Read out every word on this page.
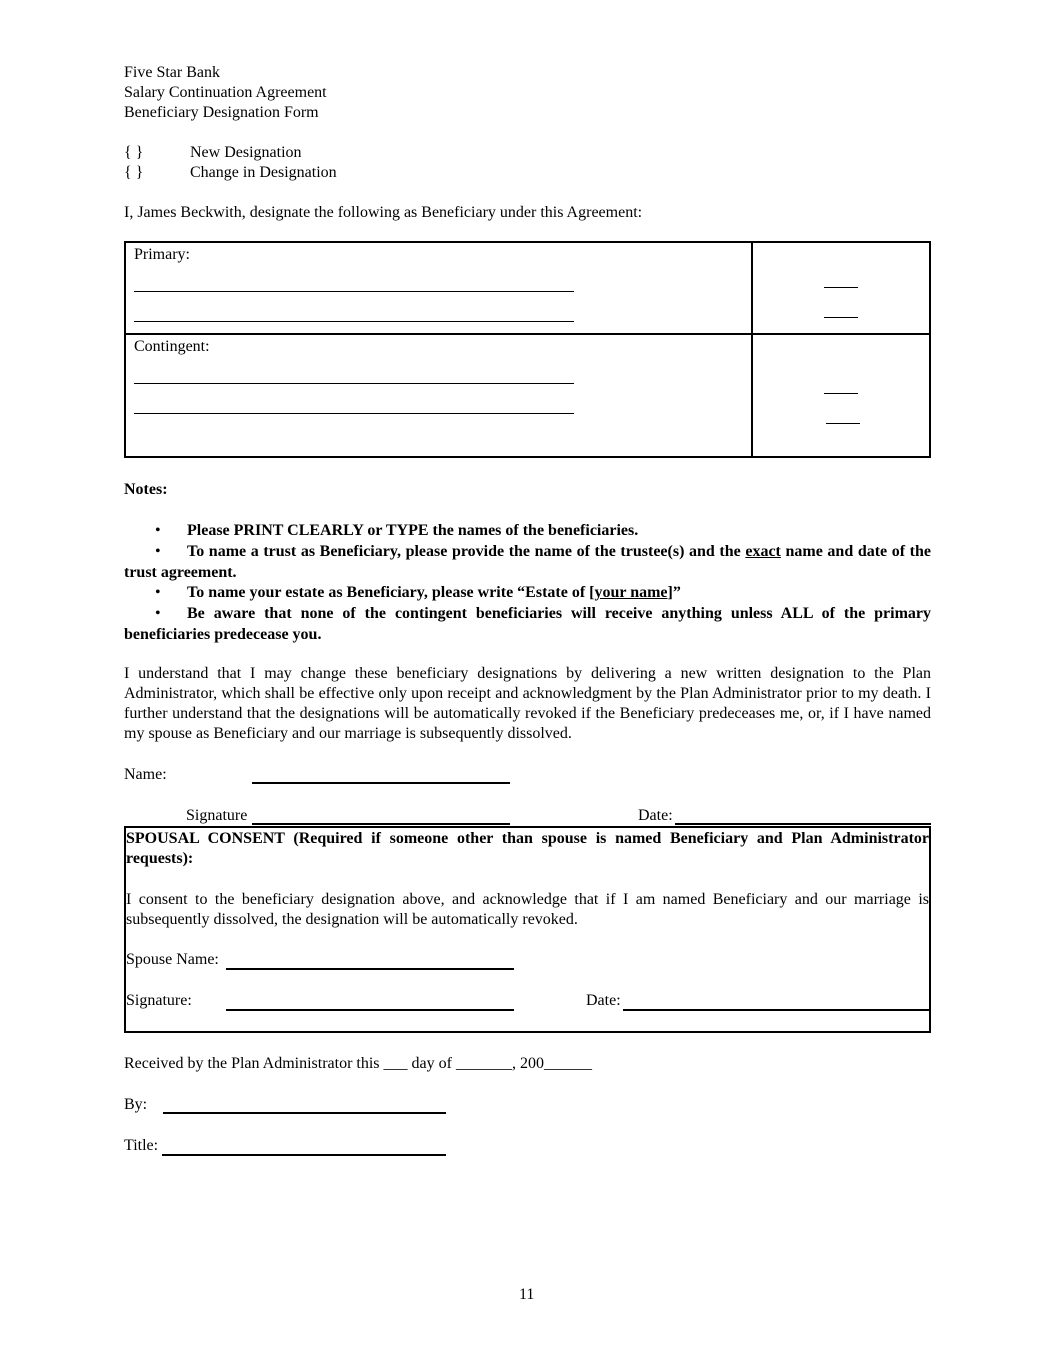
Five Star Bank
Salary Continuation Agreement
Beneficiary Designation Form
{ }	New Designation
{ }	Change in Designation
I, James Beckwith, designate the following as Beneficiary under this Agreement:
Primary:
Contingent:
Notes:
• Please PRINT CLEARLY or TYPE the names of the beneficiaries.
•	To name a trust as Beneficiary, please provide the name of the trustee(s) and the exact name and date of the trust agreement.
• To name your estate as Beneficiary, please write “Estate of [your name]”
•	Be aware that none of the contingent beneficiaries will receive anything unless ALL of the primary beneficiaries predecease you.
I understand that I may change these beneficiary designations by delivering a new written designation to the Plan Administrator, which shall be effective only upon receipt and acknowledgment by the Plan Administrator prior to my death. I further understand that the designations will be automatically revoked if the Beneficiary predeceases me, or, if I have named my spouse as Beneficiary and our marriage is subsequently dissolved.
Name:
Signature	Date:
SPOUSAL CONSENT (Required if someone other than spouse is named Beneficiary and Plan Administrator requests):
I consent to the beneficiary designation above, and acknowledge that if I am named Beneficiary and our marriage is subsequently dissolved, the designation will be automatically revoked.
Spouse Name:
Signature:	Date:
Received by the Plan Administrator this ___ day of _______, 200______
By:
Title:
11
